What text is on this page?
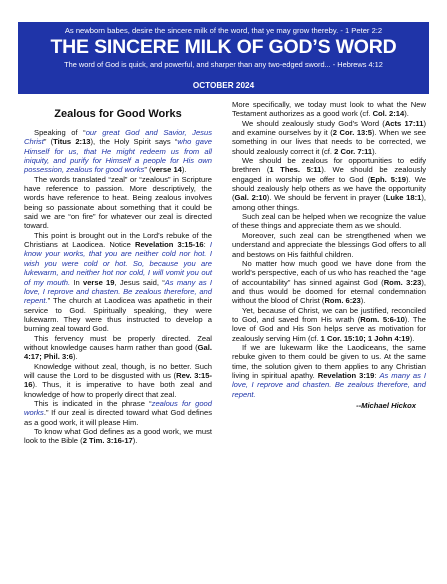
As newborn babes, desire the sincere milk of the word, that ye may grow thereby. - 1 Peter 2:2
THE SINCERE MILK OF GOD’S WORD
The word of God is quick, and powerful, and sharper than any two-edged sword... - Hebrews 4:12
OCTOBER 2024
Zealous for Good Works

Speaking of “our great God and Savior, Jesus Christ” (Titus 2:13), the Holy Spirit says “who gave Himself for us, that He might redeem us from all iniquity, and purify for Himself a people for His own possession, zealous for good works” (verse 14).

The words translated “zeal” or “zealous” in Scripture have reference to passion. More descriptively, the words have reference to heat. Being zealous involves being so passionate about something that it could be said we are “on fire” for whatever our zeal is directed toward.

This point is brought out in the Lord’s rebuke of the Christians at Laodicea. Notice Revelation 3:15-16: I know your works, that you are neither cold nor hot. I wish you were cold or hot. So, because you are lukewarm, and neither hot nor cold, I will vomit you out of my mouth. In verse 19, Jesus said, “As many as I love, I reprove and chasten. Be zealous therefore, and repent.” The church at Laodicea was apathetic in their service to God. Spiritually speaking, they were lukewarm. They were thus instructed to develop a burning zeal toward God.

This fervency must be properly directed. Zeal without knowledge causes harm rather than good (Gal. 4:17; Phil. 3:6).

Knowledge without zeal, though, is no better. Such will cause the Lord to be disgusted with us (Rev. 3:15-16). Thus, it is imperative to have both zeal and knowledge of how to properly direct that zeal.

This is indicated in the phrase “zealous for good works.” If our zeal is directed toward what God defines as a good work, it will please Him.

To know what God defines as a good work, we must look to the Bible (2 Tim. 3:16-17).

More specifically, we today must look to what the New Testament authorizes as a good work (cf. Col. 2:14).

We should zealously study God’s Word (Acts 17:11) and examine ourselves by it (2 Cor. 13:5). When we see something in our lives that needs to be corrected, we should zealously correct it (cf. 2 Cor. 7:11).

We should be zealous for opportunities to edify brethren (1 Thes. 5:11). We should be zealously engaged in worship we offer to God (Eph. 5:19). We should zealously help others as we have the opportunity (Gal. 2:10). We should be fervent in prayer (Luke 18:1), among other things.

Such zeal can be helped when we recognize the value of these things and appreciate them as we should.

Moreover, such zeal can be strengthened when we understand and appreciate the blessings God offers to all and bestows on His faithful children.

No matter how much good we have done from the world’s perspective, each of us who has reached the “age of accountability” has sinned against God (Rom. 3:23), and thus would be doomed for eternal condemnation without the blood of Christ (Rom. 6:23).

Yet, because of Christ, we can be justified, reconciled to God, and saved from His wrath (Rom. 5:6-10). The love of God and His Son helps serve as motivation for zealously serving Him (cf. 1 Cor. 15:10; 1 John 4:19).

If we are lukewarm like the Laodiceans, the same rebuke given to them could be given to us. At the same time, the solution given to them applies to any Christian living in spiritual apathy. Revelation 3:19: As many as I love, I reprove and chasten. Be zealous therefore, and repent.

--Michael Hickox
